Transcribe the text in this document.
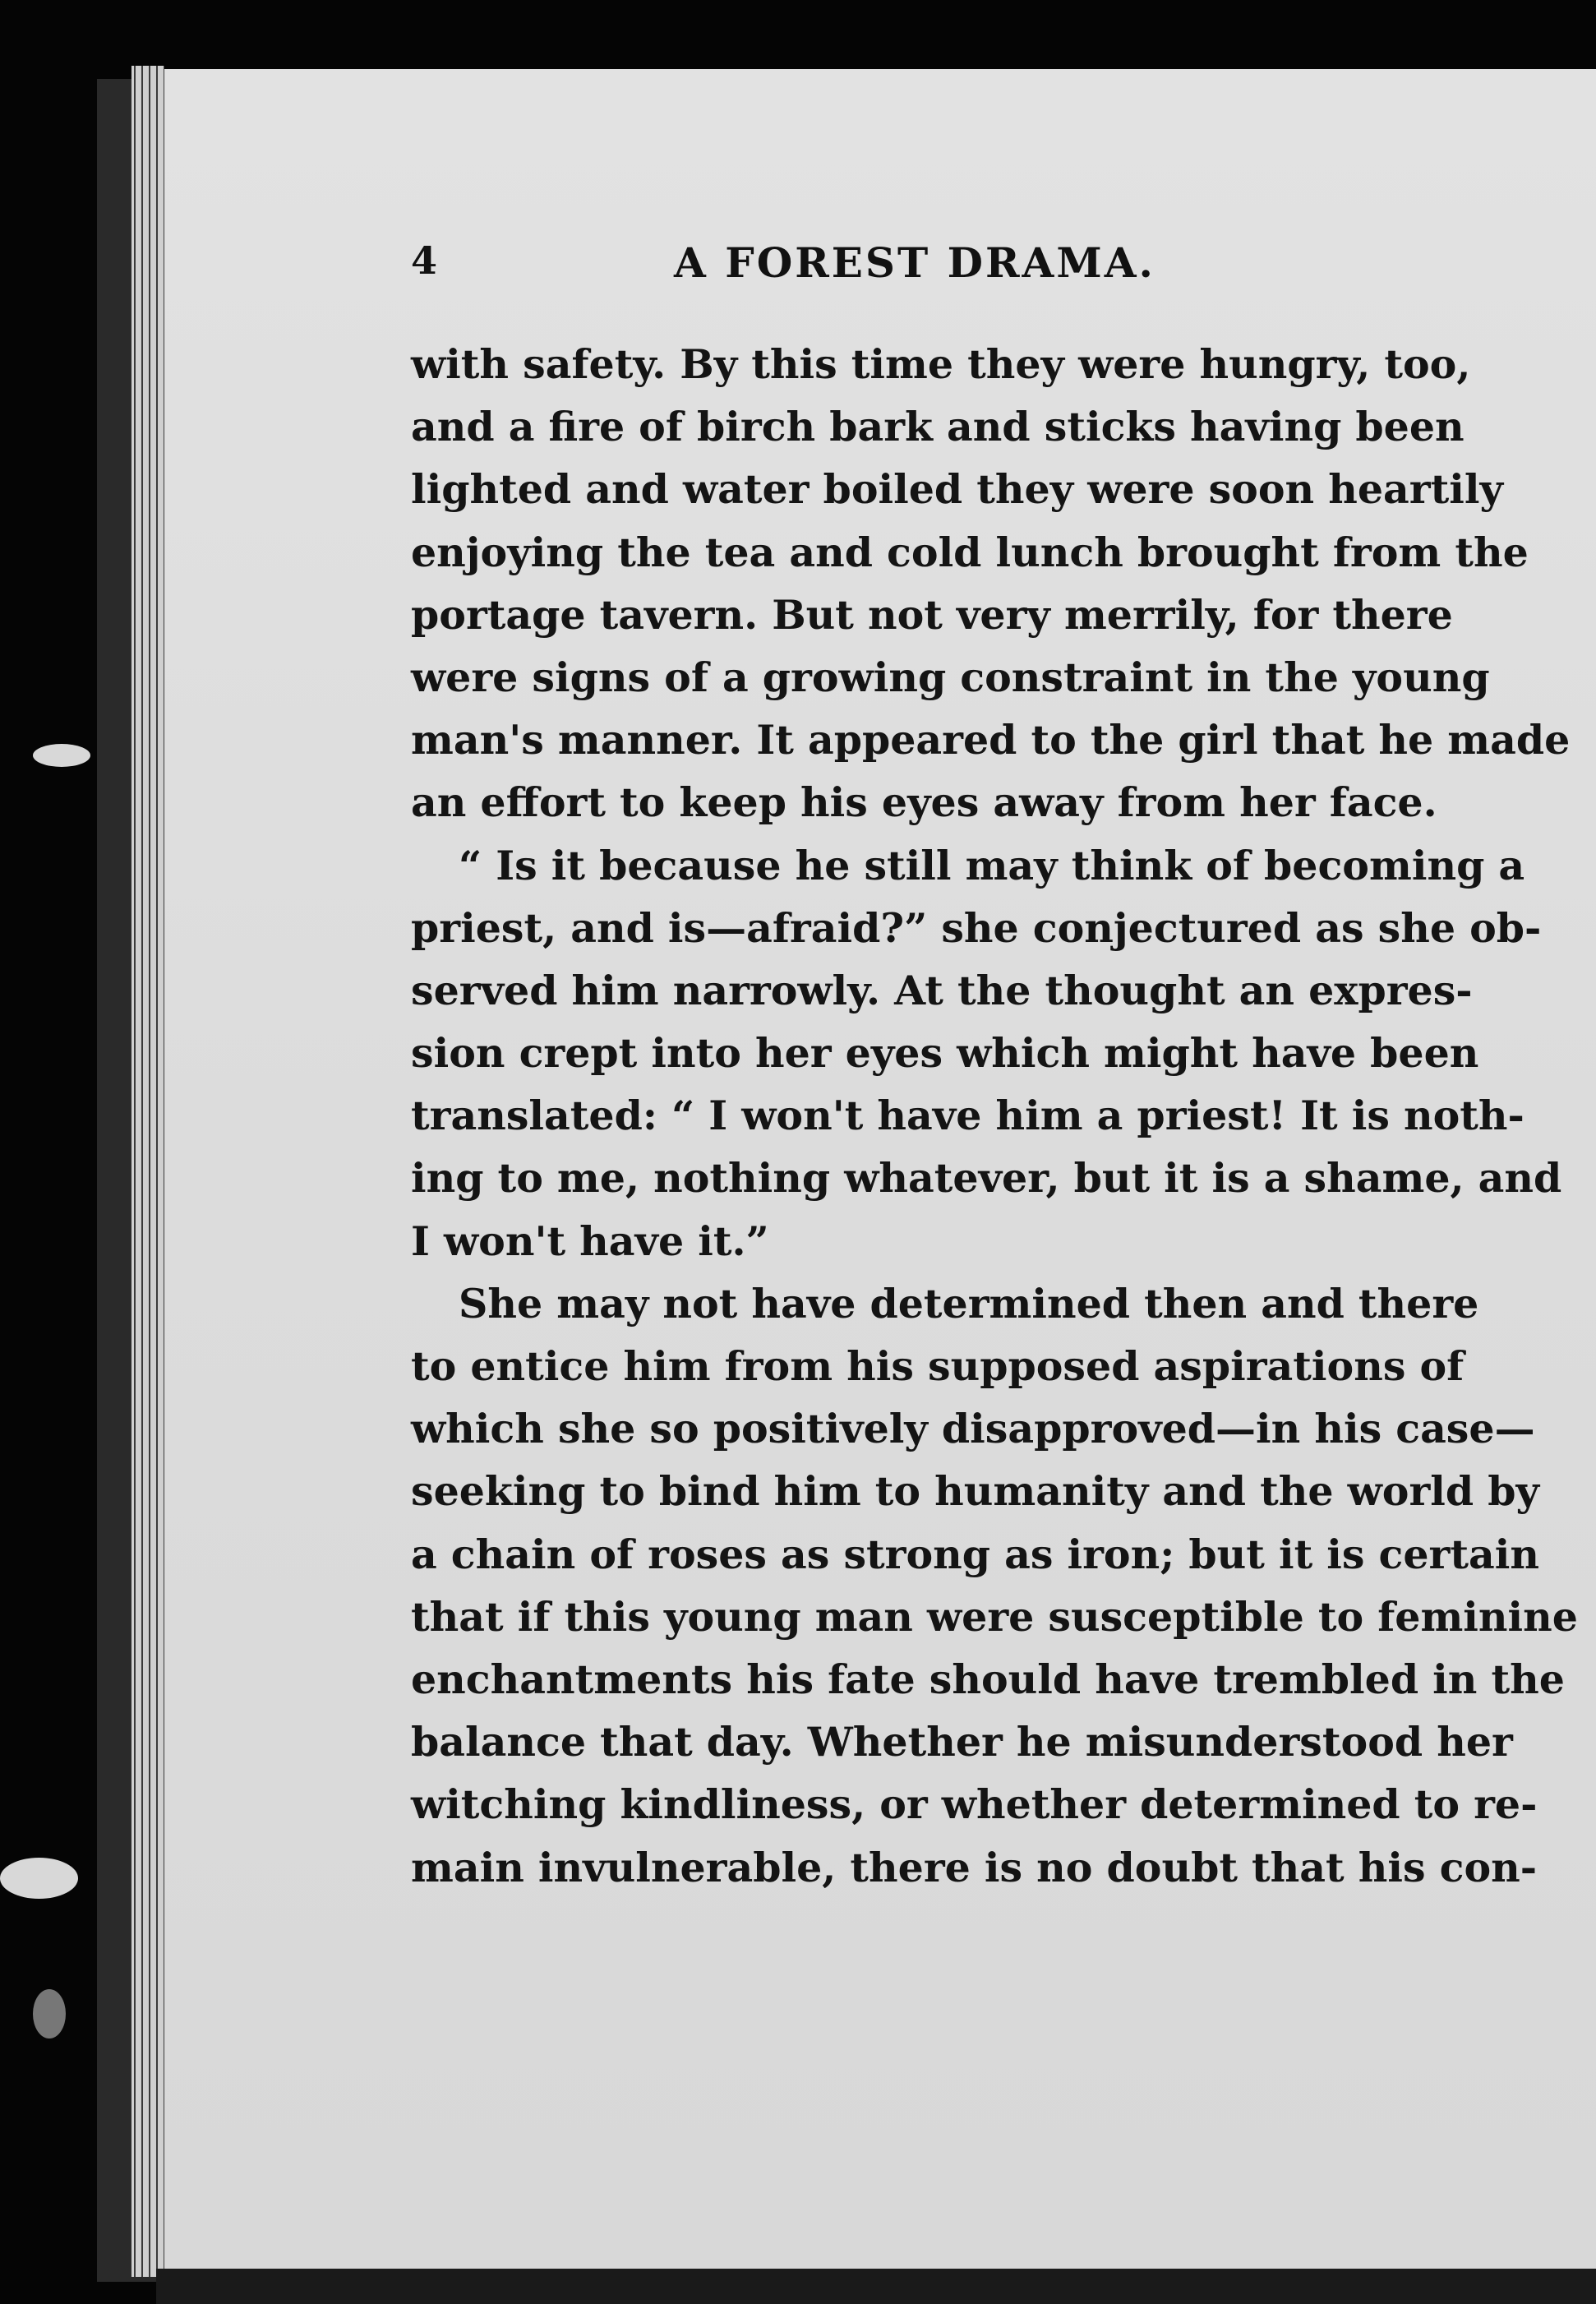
4	A FOREST DRAMA.
with safety. By this time they were hungry, too,
and a fire of birch bark and sticks having been
lighted and water boiled they were soon heartily
enjoying the tea and cold lunch brought from the
portage tavern. But not very merrily, for there
were signs of a growing constraint in the young
man's manner. It appeared to the girl that he made
an effort to keep his eyes away from her face.
“ Is it because he still may think of becoming a
priest, and is—afraid?” she conjectured as she ob-
served him narrowly. At the thought an expres-
sion crept into her eyes which might have been
translated: “ I won't have him a priest! It is noth-
ing to me, nothing whatever, but it is a shame, and
I won't have it.”
She may not have determined then and there
to entice him from his supposed aspirations of
which she so positively disapproved—in his case—
seeking to bind him to humanity and the world by
a chain of roses as strong as iron; but it is certain
that if this young man were susceptible to feminine
enchantments his fate should have trembled in the
balance that day. Whether he misunderstood her
witching kindliness, or whether determined to re-
main invulnerable, there is no doubt that his con-
